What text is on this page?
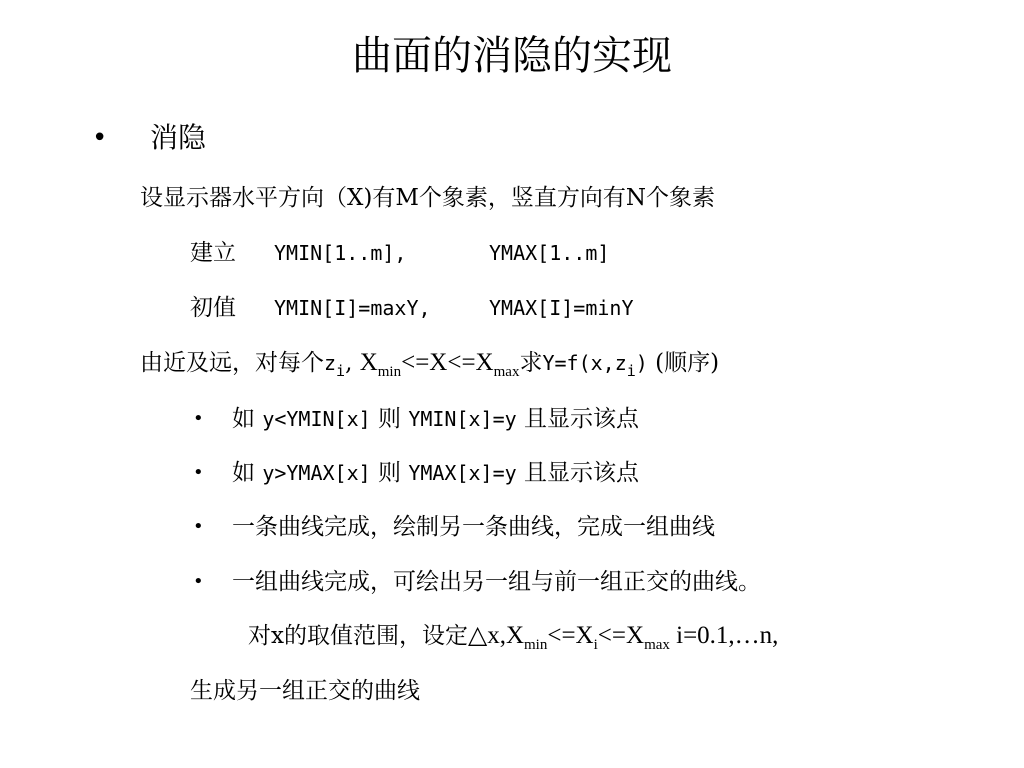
曲面的消隐的实现
• 消隐
设显示器水平方向（X)有M个象素，竖直方向有N个象素
建立 YMIN[1..m],	YMAX[1..m]
初值 YMIN[I]=maxY,	YMAX[I]=minY
由近及远，对每个$z_i$, $X_{min}<=X<=X_{max}$求$Y=f(x,z_i)$ (顺序)
• 如 y<YMIN[x] 则 YMIN[x]=y 且显示该点
• 如 y>YMAX[x] 则 YMAX[x]=y 且显示该点
• 一条曲线完成，绘制另一条曲线，完成一组曲线
• 一组曲线完成，可绘出另一组与前一组正交的曲线。
对x的取值范围，设定$\triangle x,X_{min}<=X_i<=X_{max}$ i=0.1,…n,
生成另一组正交的曲线
